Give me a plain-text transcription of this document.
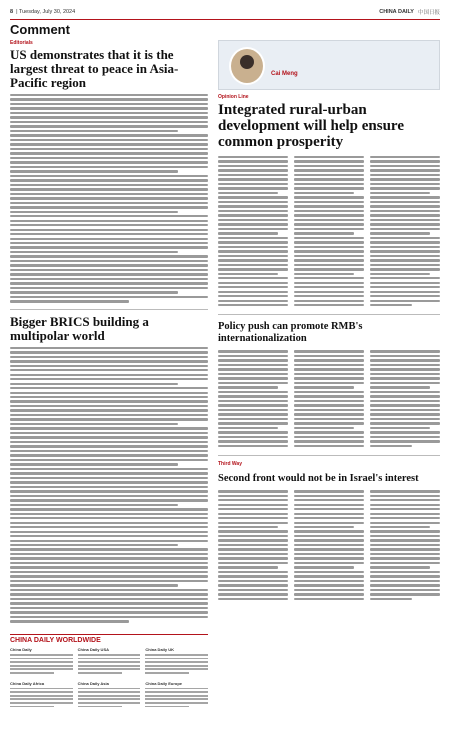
8 | Tuesday, July 30, 2024	CHINA DAILY 中国日报
Comment
Editorials
US demonstrates that it is the largest threat to peace in Asia-Pacific region
Bigger BRICS building a multipolar world
Cai Meng
Opinion Line
Integrated rural-urban development will help ensure common prosperity
Policy push can promote RMB's internationalization
Third Way
Second front would not be in Israel's interest
CHINA DAILY WORLDWIDE
China Daily	China Daily USA	China Daily UK
China Daily Africa	China Daily Asia	China Daily Europe
